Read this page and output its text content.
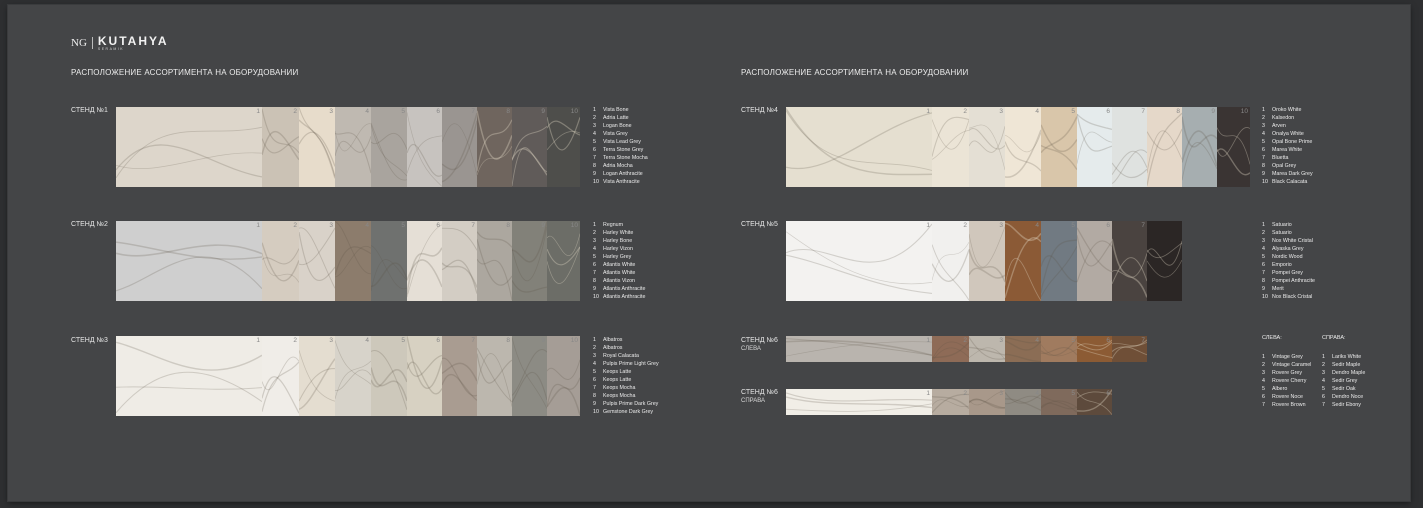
NG KUTAHYA
SERAMIK
РАСПОЛОЖЕНИЕ АССОРТИМЕНТА НА ОБОРУДОВАНИИ	РАСПОЛОЖЕНИЕ АССОРТИМЕНТА НА ОБОРУДОВАНИИ
СТЕНД №1
СТЕНД №2
СТЕНД №3
СТЕНД №4
СТЕНД №5
СТЕНД №6
СЛЕВА
СТЕНД №6
СПРАВА
1	2	3	4	5	6	7	8	9	10
1	2	3	4	5	6	7	8	9	10
1	2	3	4	5	6	7	8	9	10
1	2	3	4	5	6	7	8	9	10
1	2	3	4	5	6	7
1	2	3	4	5	6	7
1	2	3	4	5	6
1	Vista Bone
2	Adria Latte
3	Logan Bone
4	Vista Grey
5	Vista Lead Grey
6	Terra Stone Grey
7	Terra Stone Mocha
8	Adria Mocha
9	Logan Anthracite
10 Vista Anthracite
1	Regnum
2	Harley White
3	Harley Bone
4	Harley Vizon
5	Harley Grey
6	Atlantis White
7	Atlantis White
8	Atlantis Vizon
9	Atlantis Anthracite
10 Atlantis Anthracite
1	Albatros
2	Albatros
3	Royal Calacata
4	Pulpis Prime Light Grey
5	Keops Latte
6	Keops Latte
7	Keops Mocha
8	Keops Mocha
9	Pulpis Prime Dark Grey
10 Gemstone Dark Grey
1	Oroko White
2	Kalsedon
3	Arven
4	Onalya White
5	Opal Bone Prime
6	Marea White
7	Bluetta
8	Opal Grey
9	Marea Dark Grey
10 Black Calacata
1	Satuario
2	Satuario
3	Nox White Cristal
4	Alyaska Grey
5	Nordic Wood
6	Emporio
7	Pompei Grey
8	Pompei Anthracite
9	Merit
10 Nox Black Cristal
СЛЕВА:
1	Vintage Grey
2	Vintage Caramel
3	Rovere Grey
4	Rovere Cherry
5	Albero
6	Rovere Noce
7	Rovere Brown
СПРАВА:
1	Lariks White
2	Sedir Maple
3	Dendro Maple
4	Sedir Grey
5	Sedir Oak
6	Dendro Noce
7	Sedir Ebony
